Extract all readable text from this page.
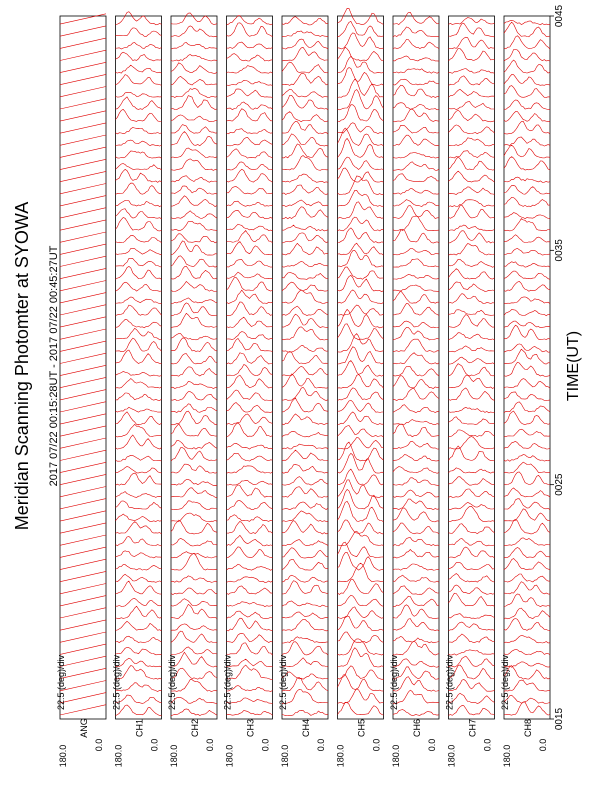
180.0	0.0
ANG
22.5 (deg)/div
180.0	0.0
CH1
22.5 (deg)/div
180.0	0.0
CH2
22.5 (deg)/div
180.0	0.0
CH3
22.5 (deg)/div
180.0	0.0
CH4
22.5 (deg)/div
180.0	0.0
CH5
180.0	0.0
CH6
22.5 (deg)/div
180.0	0.0
CH7
22.5 (deg)/div
180.0	0.0
CH8
22.5 (deg)/div
0015
0025
0035
0045
TIME(UT)
Meridian Scanning Photomter at SYOWA 2017 07/22 00:15:28UT - 2017 07/22 00:45:27UT
